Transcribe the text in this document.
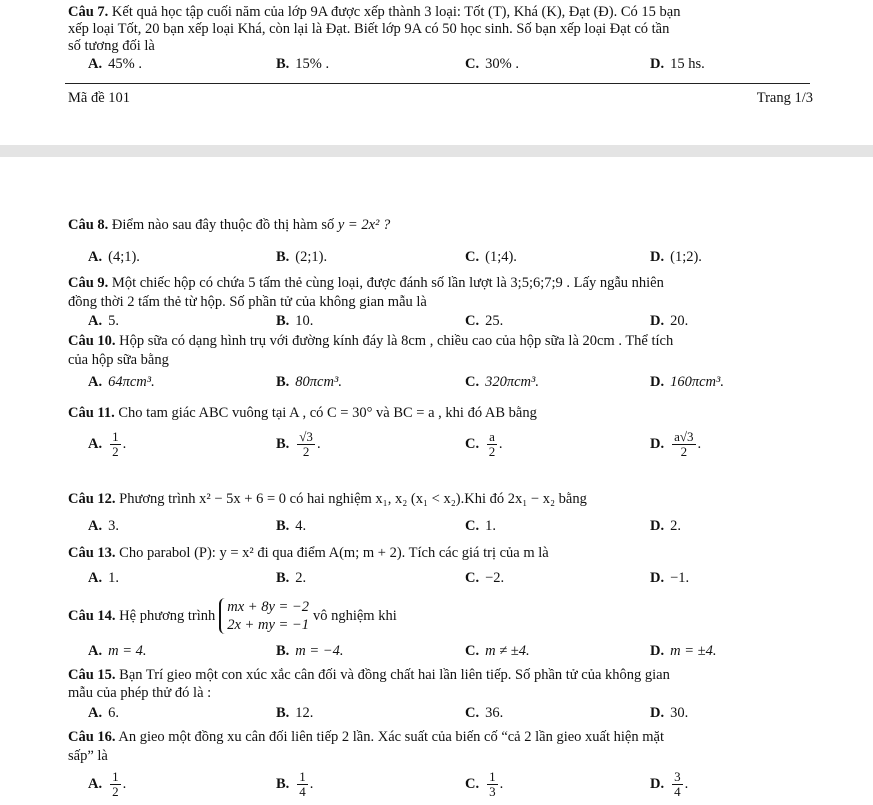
Câu 7. Kết quả học tập cuối năm của lớp 9A được xếp thành 3 loại: Tốt (T), Khá (K), Đạt (Đ). Có 15 bạn
xếp loại Tốt, 20 bạn xếp loại Khá, còn lại là Đạt. Biết lớp 9A có 50 học sinh. Số bạn xếp loại Đạt có tần
số tương đối là
A. 45% .	B. 15% .	C. 30% .	D. 15 hs.
Mã đề 101	Trang 1/3
Câu 8. Điểm nào sau đây thuộc đồ thị hàm số y = 2x² ?
A. (4;1).	B. (2;1).	C. (1;4).	D. (1;2).
Câu 9. Một chiếc hộp có chứa 5 tấm thẻ cùng loại, được đánh số lần lượt là 3;5;6;7;9 . Lấy ngẫu nhiên
đồng thời 2 tấm thẻ từ hộp. Số phần tử của không gian mẫu là
A. 5.	B. 10.	C. 25.	D. 20.
Câu 10. Hộp sữa có dạng hình trụ với đường kính đáy là 8cm , chiều cao của hộp sữa là 20cm . Thể tích
của hộp sữa bằng
A. 64πcm³.	B. 80πcm³.	C. 320πcm³.	D. 160πcm³.
Câu 11. Cho tam giác ABC vuông tại A , có C = 30° và BC = a , khi đó AB bằng
A. $\frac{1}{2}$ .	B. $\frac{√3}{2}$ .	C. $\frac{a}{2}$ .	D. $\frac{a√3}{2}$ .
Câu 12. Phương trình x² − 5x + 6 = 0 có hai nghiệm x₁, x₂ (x₁ < x₂).Khi đó 2x₁ − x₂ bằng
A. 3.	B. 4.	C. 1.	D. 2.
Câu 13. Cho parabol (P): y = x² đi qua điểm A(m; m + 2). Tích các giá trị của m là
A. 1.	B. 2.	C. −2.	D. −1.
Câu 14.
Hệ phương trình
mx + 8y = −2
2x + my = −1
vô nghiệm khi
A. m = 4.	B. m = −4.	C. m ≠ ±4.	D. m = ±4.
Câu 15. Bạn Trí gieo một con xúc xắc cân đối và đồng chất hai lần liên tiếp. Số phần tử của không gian
mẫu của phép thử đó là :
A. 6.	B. 12.	C. 36.	D. 30.
Câu 16. An gieo một đồng xu cân đối liên tiếp 2 lần. Xác suất của biến cố “cả 2 lần gieo xuất hiện mặt
sấp” là
A. $\frac{1}{2}$ .	B. $\frac{1}{4}$ .	C. $\frac{1}{3}$ .	D. $\frac{3}{4}$ .
